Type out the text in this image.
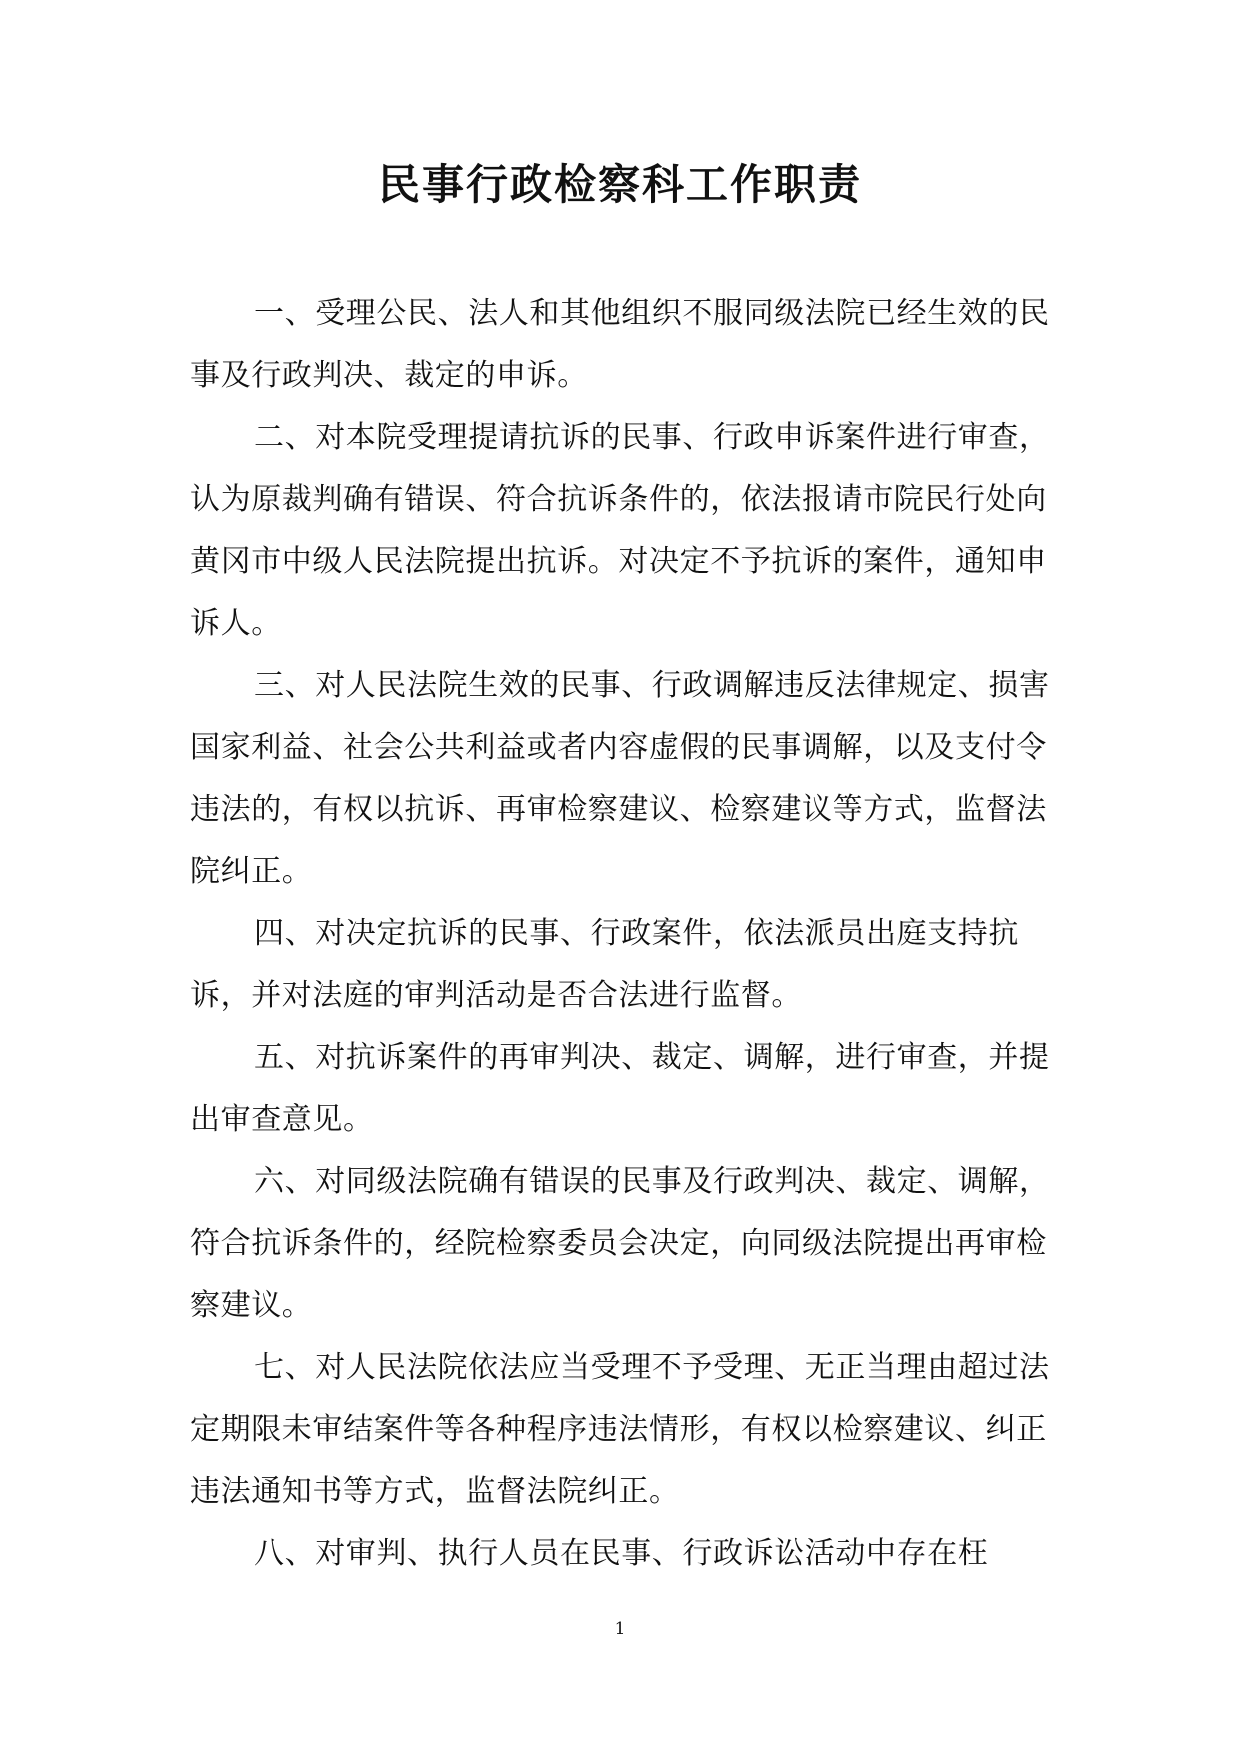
民事行政检察科工作职责

一、受理公民、法人和其他组织不服同级法院已经生效的民事及行政判决、裁定的申诉。

二、对本院受理提请抗诉的民事、行政申诉案件进行审查，认为原裁判确有错误、符合抗诉条件的，依法报请市院民行处向黄冈市中级人民法院提出抗诉。对决定不予抗诉的案件，通知申诉人。

三、对人民法院生效的民事、行政调解违反法律规定、损害国家利益、社会公共利益或者内容虚假的民事调解，以及支付令违法的，有权以抗诉、再审检察建议、检察建议等方式，监督法院纠正。

四、对决定抗诉的民事、行政案件，依法派员出庭支持抗诉，并对法庭的审判活动是否合法进行监督。

五、对抗诉案件的再审判决、裁定、调解，进行审查，并提出审查意见。

六、对同级法院确有错误的民事及行政判决、裁定、调解，符合抗诉条件的，经院检察委员会决定，向同级法院提出再审检察建议。

七、对人民法院依法应当受理不予受理、无正当理由超过法定期限未审结案件等各种程序违法情形，有权以检察建议、纠正违法通知书等方式，监督法院纠正。

八、对审判、执行人员在民事、行政诉讼活动中存在枉

1
